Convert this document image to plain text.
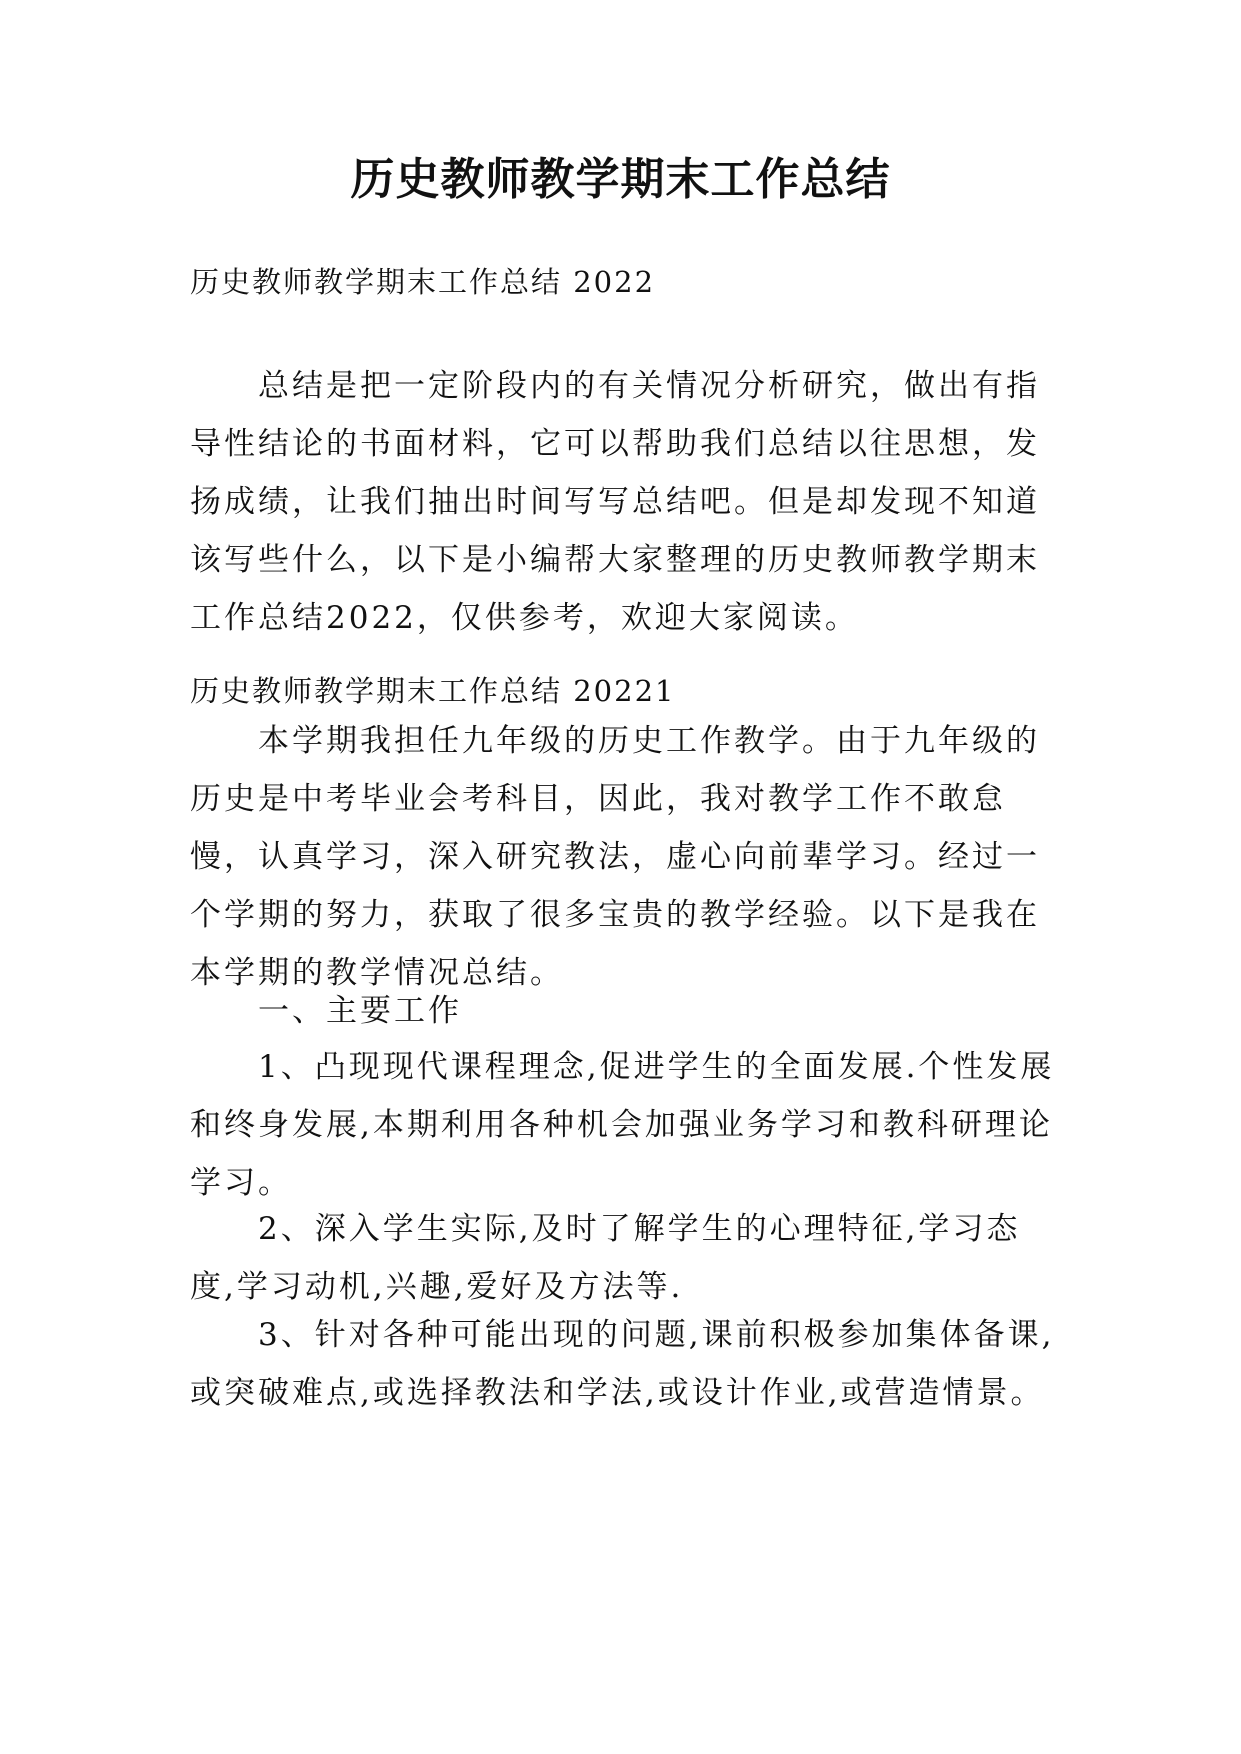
历史教师教学期末工作总结

历史教师教学期末工作总结 2022

总结是把一定阶段内的有关情况分析研究，做出有指导性结论的书面材料，它可以帮助我们总结以往思想，发扬成绩，让我们抽出时间写写总结吧。但是却发现不知道该写些什么，以下是小编帮大家整理的历史教师教学期末工作总结2022，仅供参考，欢迎大家阅读。

历史教师教学期末工作总结 20221

本学期我担任九年级的历史工作教学。由于九年级的历史是中考毕业会考科目，因此，我对教学工作不敢怠慢，认真学习，深入研究教法，虚心向前辈学习。经过一个学期的努力，获取了很多宝贵的教学经验。以下是我在本学期的教学情况总结。

一、主要工作

1、凸现现代课程理念,促进学生的全面发展.个性发展和终身发展,本期利用各种机会加强业务学习和教科研理论学习。

2、深入学生实际,及时了解学生的心理特征,学习态度,学习动机,兴趣,爱好及方法等.

3、针对各种可能出现的问题,课前积极参加集体备课,或突破难点,或选择教法和学法,或设计作业,或营造情景。
